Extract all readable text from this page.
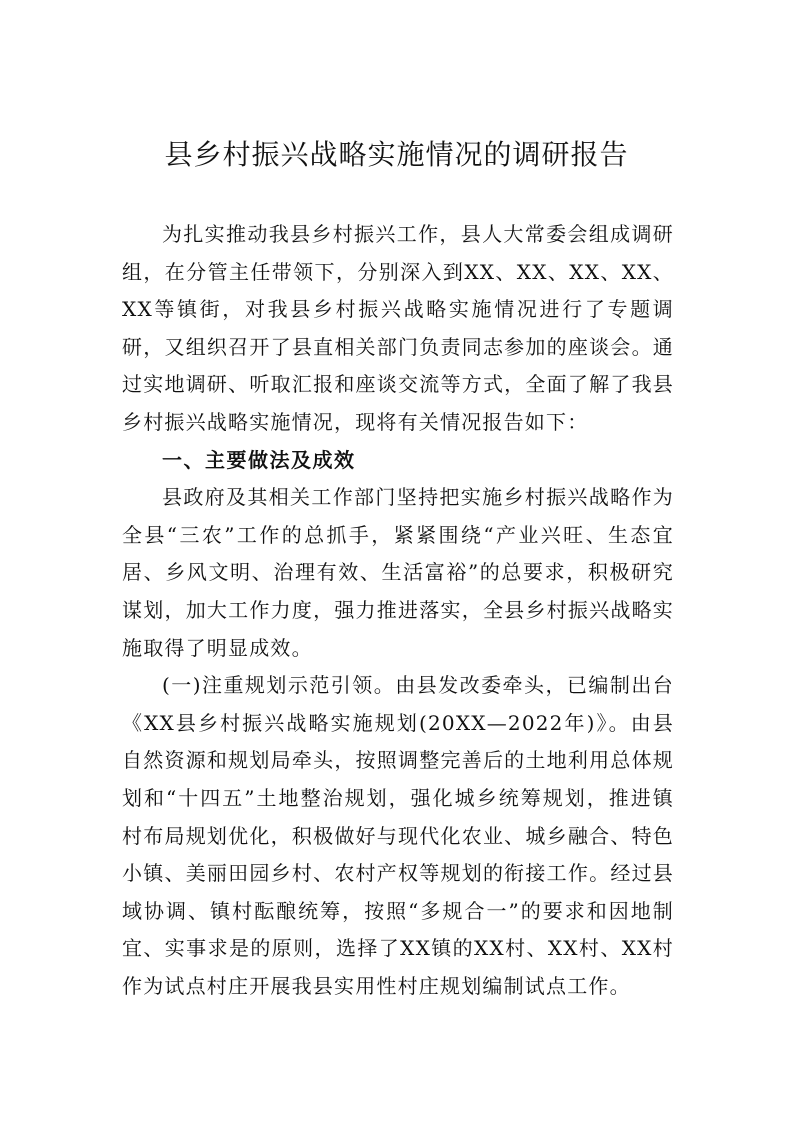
县乡村振兴战略实施情况的调研报告

为扎实推动我县乡村振兴工作，县人大常委会组成调研组，在分管主任带领下，分别深入到XX、XX、XX、XX、XX等镇街，对我县乡村振兴战略实施情况进行了专题调研，又组织召开了县直相关部门负责同志参加的座谈会。通过实地调研、听取汇报和座谈交流等方式，全面了解了我县乡村振兴战略实施情况，现将有关情况报告如下：

一、主要做法及成效

县政府及其相关工作部门坚持把实施乡村振兴战略作为全县“三农”工作的总抓手，紧紧围绕“产业兴旺、生态宜居、乡风文明、治理有效、生活富裕”的总要求，积极研究谋划，加大工作力度，强力推进落实，全县乡村振兴战略实施取得了明显成效。

(一)注重规划示范引领。由县发改委牵头，已编制出台《XX县乡村振兴战略实施规划(20XX—2022年)》。由县自然资源和规划局牵头，按照调整完善后的土地利用总体规划和“十四五”土地整治规划，强化城乡统筹规划，推进镇村布局规划优化，积极做好与现代化农业、城乡融合、特色小镇、美丽田园乡村、农村产权等规划的衔接工作。经过县域协调、镇村酝酿统筹，按照“多规合一”的要求和因地制宜、实事求是的原则，选择了XX镇的XX村、XX村、XX村作为试点村庄开展我县实用性村庄规划编制试点工作。
